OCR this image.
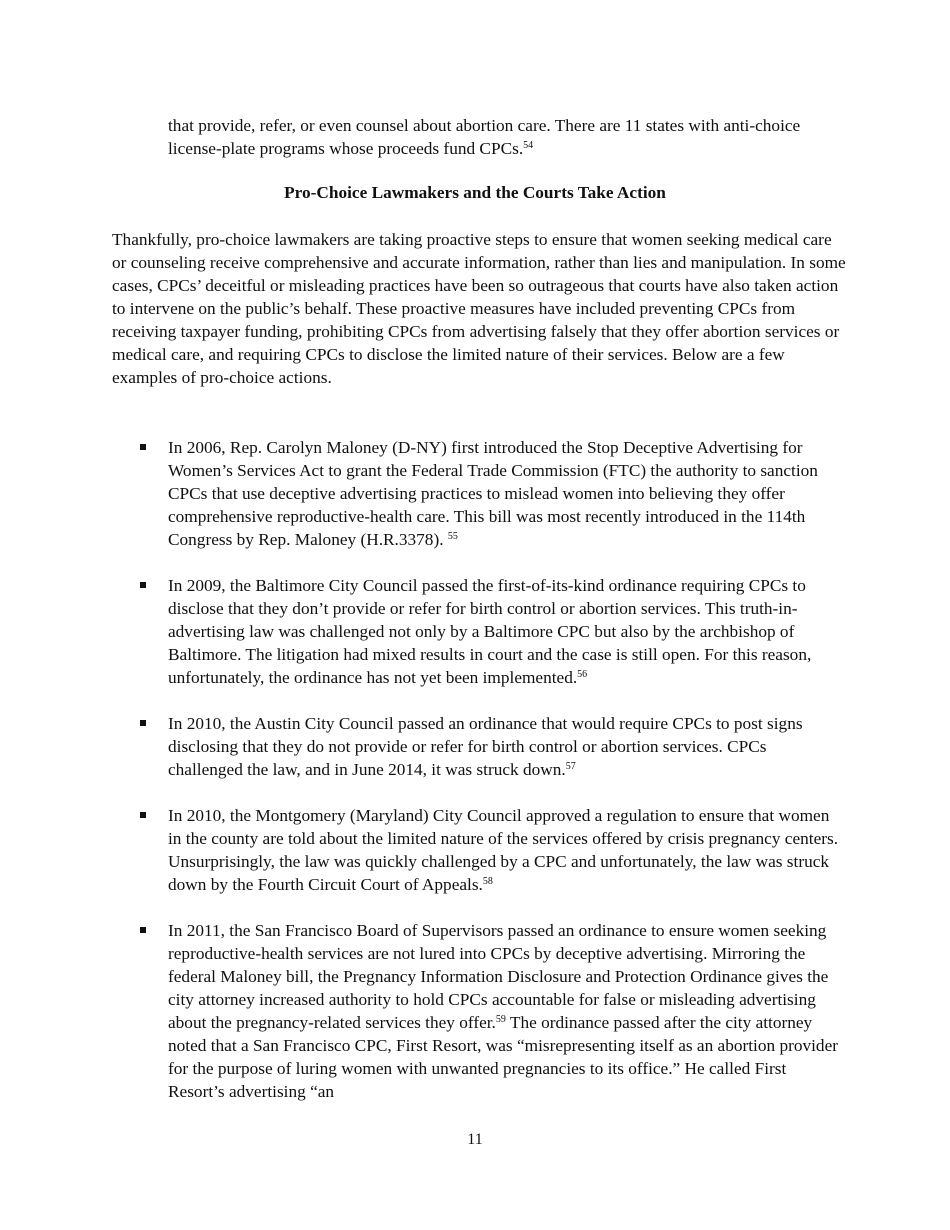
that provide, refer, or even counsel about abortion care. There are 11 states with anti-choice license-plate programs whose proceeds fund CPCs.$^{54}$

Pro-Choice Lawmakers and the Courts Take Action

Thankfully, pro-choice lawmakers are taking proactive steps to ensure that women seeking medical care or counseling receive comprehensive and accurate information, rather than lies and manipulation. In some cases, CPCs’ deceitful or misleading practices have been so outrageous that courts have also taken action to intervene on the public’s behalf. These proactive measures have included preventing CPCs from receiving taxpayer funding, prohibiting CPCs from advertising falsely that they offer abortion services or medical care, and requiring CPCs to disclose the limited nature of their services. Below are a few examples of pro-choice actions.

In 2006, Rep. Carolyn Maloney (D-NY) first introduced the Stop Deceptive Advertising for Women’s Services Act to grant the Federal Trade Commission (FTC) the authority to sanction CPCs that use deceptive advertising practices to mislead women into believing they offer comprehensive reproductive-health care. This bill was most recently introduced in the 114th Congress by Rep. Maloney (H.R.3378). $^{55}$

In 2009, the Baltimore City Council passed the first-of-its-kind ordinance requiring CPCs to disclose that they don’t provide or refer for birth control or abortion services. This truth-in-advertising law was challenged not only by a Baltimore CPC but also by the archbishop of Baltimore. The litigation had mixed results in court and the case is still open. For this reason, unfortunately, the ordinance has not yet been implemented.$^{56}$

In 2010, the Austin City Council passed an ordinance that would require CPCs to post signs disclosing that they do not provide or refer for birth control or abortion services. CPCs challenged the law, and in June 2014, it was struck down.$^{57}$

In 2010, the Montgomery (Maryland) City Council approved a regulation to ensure that women in the county are told about the limited nature of the services offered by crisis pregnancy centers. Unsurprisingly, the law was quickly challenged by a CPC and unfortunately, the law was struck down by the Fourth Circuit Court of Appeals.$^{58}$

In 2011, the San Francisco Board of Supervisors passed an ordinance to ensure women seeking reproductive-health services are not lured into CPCs by deceptive advertising. Mirroring the federal Maloney bill, the Pregnancy Information Disclosure and Protection Ordinance gives the city attorney increased authority to hold CPCs accountable for false or misleading advertising about the pregnancy-related services they offer.$^{59}$ The ordinance passed after the city attorney noted that a San Francisco CPC, First Resort, was “misrepresenting itself as an abortion provider for the purpose of luring women with unwanted pregnancies to its office.” He called First Resort’s advertising “an

11
